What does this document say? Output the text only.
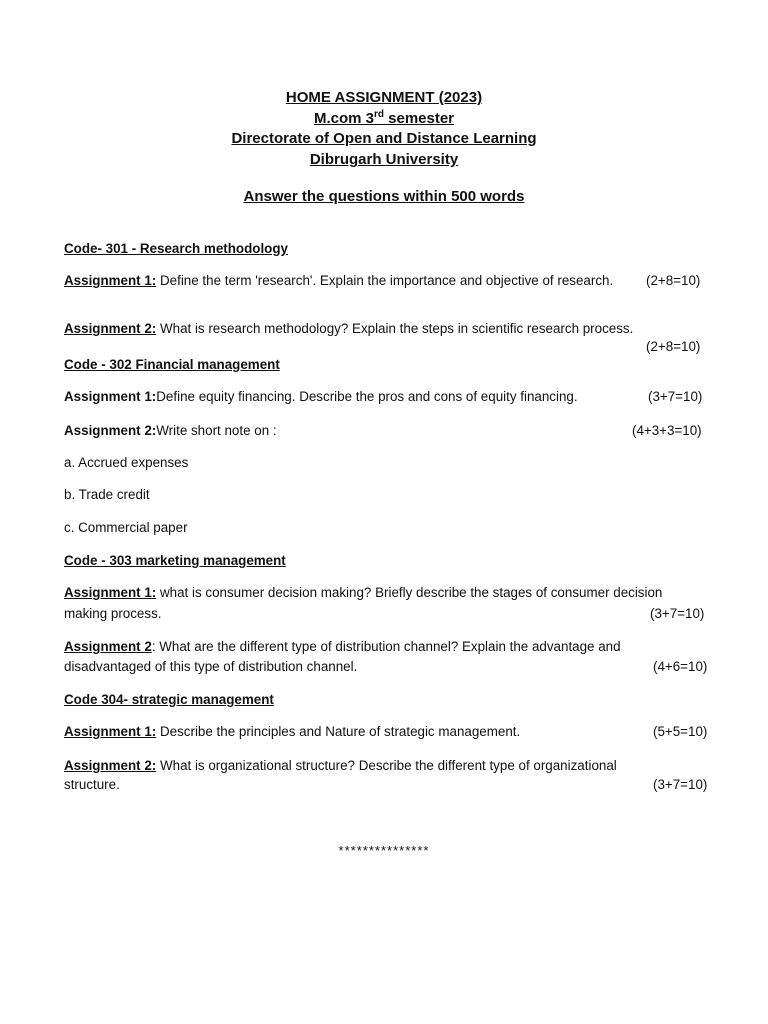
HOME ASSIGNMENT (2023)
M.com 3rd semester
Directorate of Open and Distance Learning
Dibrugarh University
Answer the questions within 500 words
Code- 301 - Research methodology
Assignment 1: Define the term 'research'. Explain the importance and objective of research. (2+8=10)
Assignment 2: What is research methodology? Explain the steps in scientific research process.
(2+8=10)
Code - 302 Financial management
Assignment 1:Define equity financing. Describe the pros and cons of equity financing.	(3+7=10)
Assignment 2:Write short note on :	(4+3+3=10)
a. Accrued expenses
b. Trade credit
c. Commercial paper
Code - 303 marketing management
Assignment 1: what is consumer decision making? Briefly describe the stages of consumer decision
making process.	(3+7=10)
Assignment 2: What are the different type of distribution channel? Explain the advantage and
disadvantaged of this type of distribution channel.	(4+6=10)
Code 304- strategic management
Assignment 1: Describe the principles and Nature of strategic management.	(5+5=10)
Assignment 2: What is organizational structure? Describe the different type of organizational
structure.	(3+7=10)
***************
